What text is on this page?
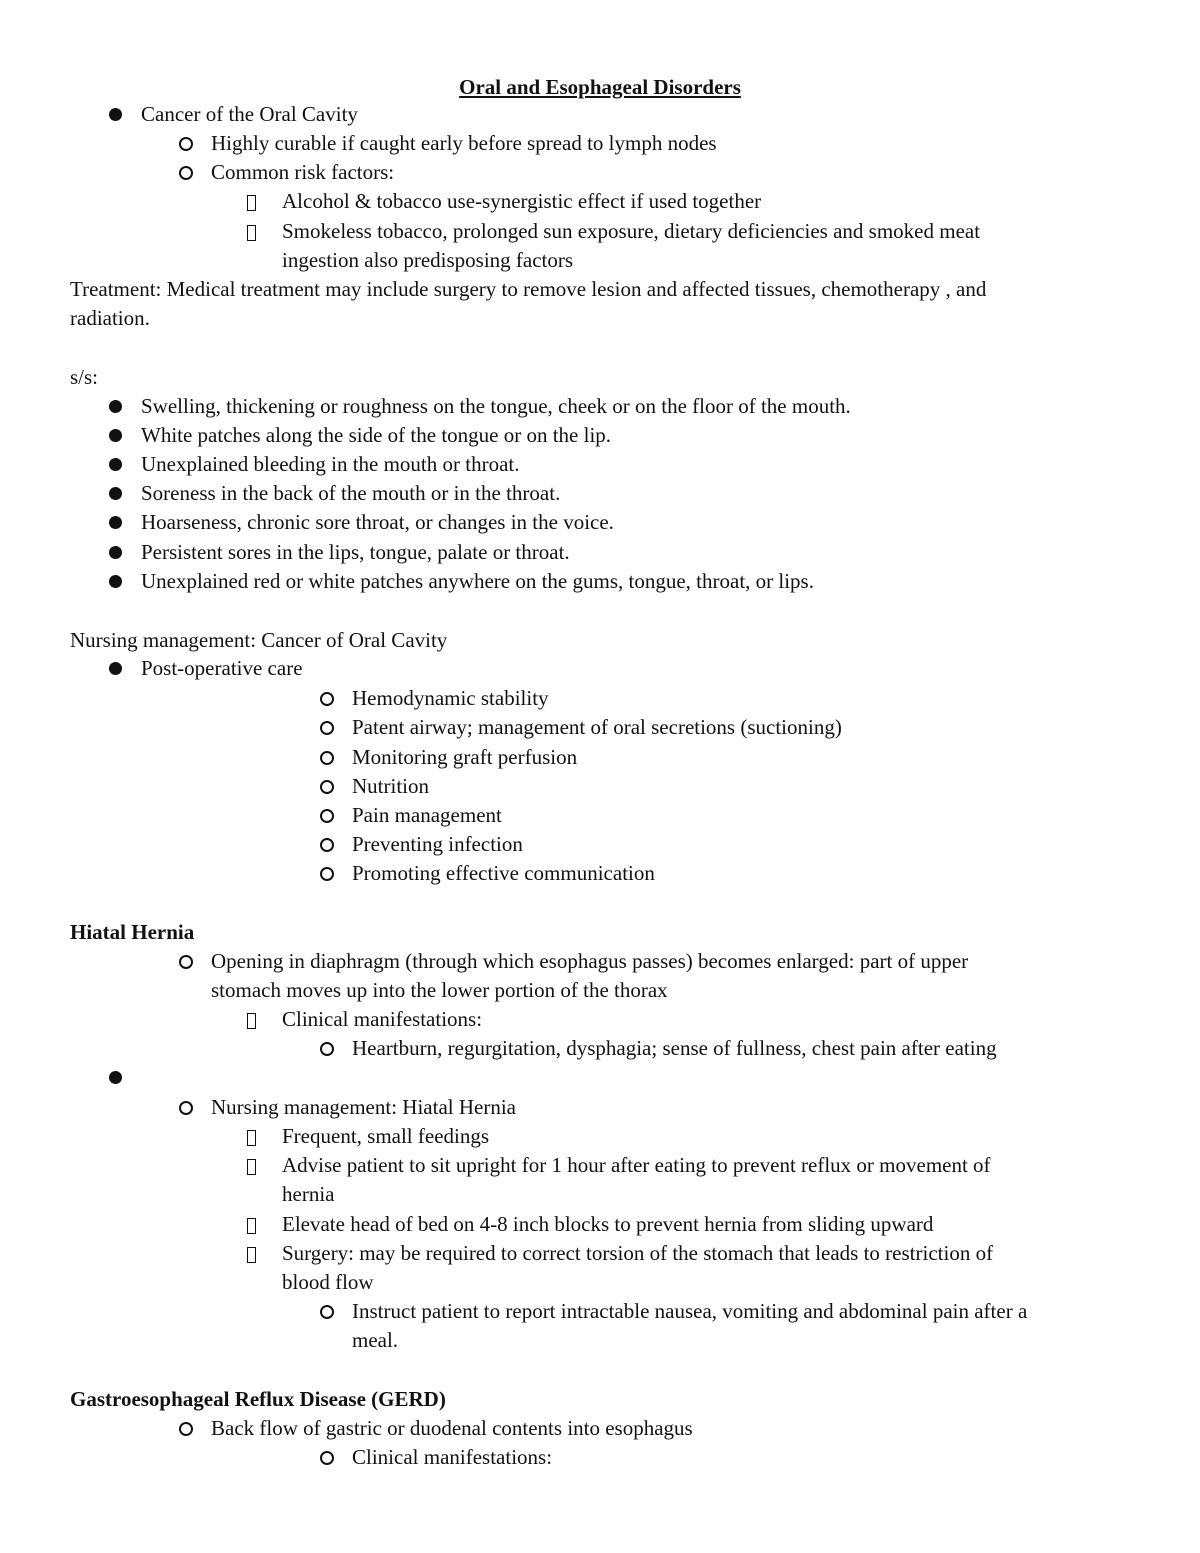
Oral and Esophageal Disorders
Cancer of the Oral Cavity
Highly curable if caught early before spread to lymph nodes
Common risk factors:
Alcohol & tobacco use-synergistic effect if used together
Smokeless tobacco, prolonged sun exposure, dietary deficiencies and smoked meat
ingestion also predisposing factors
Treatment: Medical treatment may include surgery to remove lesion and affected tissues, chemotherapy , and
radiation.
s/s:
Swelling, thickening or roughness on the tongue, cheek or on the floor of the mouth.
White patches along the side of the tongue or on the lip.
Unexplained bleeding in the mouth or throat.
Soreness in the back of the mouth or in the throat.
Hoarseness, chronic sore throat, or changes in the voice.
Persistent sores in the lips, tongue, palate or throat.
Unexplained red or white patches anywhere on the gums, tongue, throat, or lips.
Nursing management: Cancer of Oral Cavity
Post-operative care
Hemodynamic stability
Patent airway; management of oral secretions (suctioning)
Monitoring graft perfusion
Nutrition
Pain management
Preventing infection
Promoting effective communication
Hiatal Hernia
Opening in diaphragm (through which esophagus passes) becomes enlarged: part of upper
stomach moves up into the lower portion of the thorax
Clinical manifestations:
Heartburn, regurgitation, dysphagia; sense of fullness, chest pain after eating
Nursing management: Hiatal Hernia
Frequent, small feedings
Advise patient to sit upright for 1 hour after eating to prevent reflux or movement of
hernia
Elevate head of bed on 4-8 inch blocks to prevent hernia from sliding upward
Surgery: may be required to correct torsion of the stomach that leads to restriction of
blood flow
Instruct patient to report intractable nausea, vomiting and abdominal pain after a
meal.
Gastroesophageal Reflux Disease (GERD)
Back flow of gastric or duodenal contents into esophagus
Clinical manifestations:
